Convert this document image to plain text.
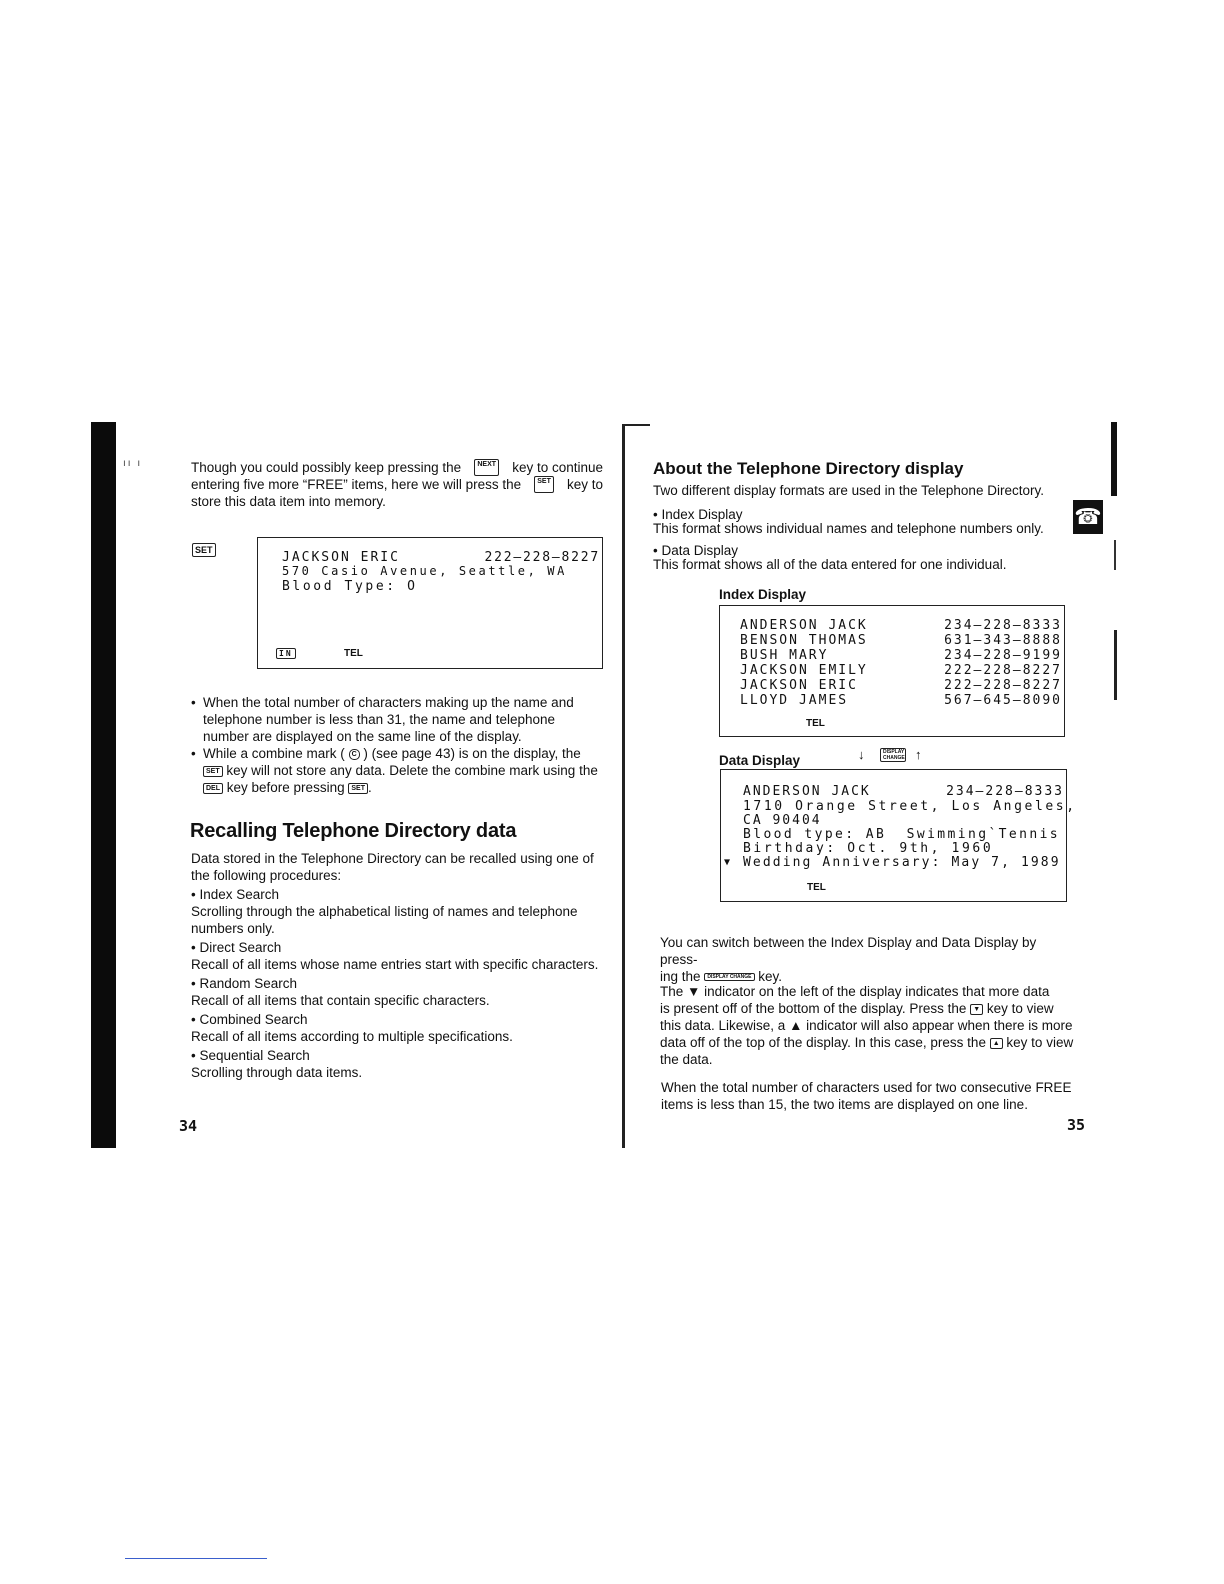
ıı ı
☎
Though you could possibly keep pressing the	NEXT key to continue
entering five more “FREE” items, here we will press the	SET key to
store this data item into memory.
SET	JACKSON ERIC	222–228–8227
570 Casio Avenue, Seattle, WA
Blood Type: O
IN	TEL
• When the total number of characters making up the name and telephone number is less than 31, the name and telephone number are displayed on the same line of the display.
• While a combine mark ( C ) (see page 43) is on the display, the SET key will not store any data. Delete the combine mark using the DEL key before pressing SET .
Recalling Telephone Directory data
Data stored in the Telephone Directory can be recalled using one of the following procedures:
• Index Search
Scrolling through the alphabetical listing of names and telephone numbers only.
• Direct Search
Recall of all items whose name entries start with specific characters.
• Random Search
Recall of all items that contain specific characters.
• Combined Search
Recall of all items according to multiple specifications.
• Sequential Search
Scrolling through data items.
34
About the Telephone Directory display
Two different display formats are used in the Telephone Directory.
• Index Display
This format shows individual names and telephone numbers only.
• Data Display
This format shows all of the data entered for one individual.
Index Display
ANDERSON JACK	234–228–8333
BENSON THOMAS	631–343–8888
BUSH MARY	234–228–9199
JACKSON EMILY	222–228–8227
JACKSON ERIC	222–228–8227
LLOYD JAMES	567–645–8090
TEL
Data Display	↓	DISPLAY CHANGE ↑
ANDERSON JACK	234–228–8333
1710 Orange Street, Los Angeles,
CA 90404
Blood type: AB  Swimming`Tennis
Birthday: Oct. 9th, 1960
▼ Wedding Anniversary: May 7, 1989
TEL
You can switch between the Index Display and Data Display by press-
ing the DISPLAY CHANGE key.
The ▼ indicator on the left of the display indicates that more data
is present off of the bottom of the display. Press the ▼ key to view
this data. Likewise, a ▲ indicator will also appear when there is more
data off of the top of the display. In this case, press the ▲ key to view
the data.
When the total number of characters used for two consecutive FREE items is less than 15, the two items are displayed on one line.
35
